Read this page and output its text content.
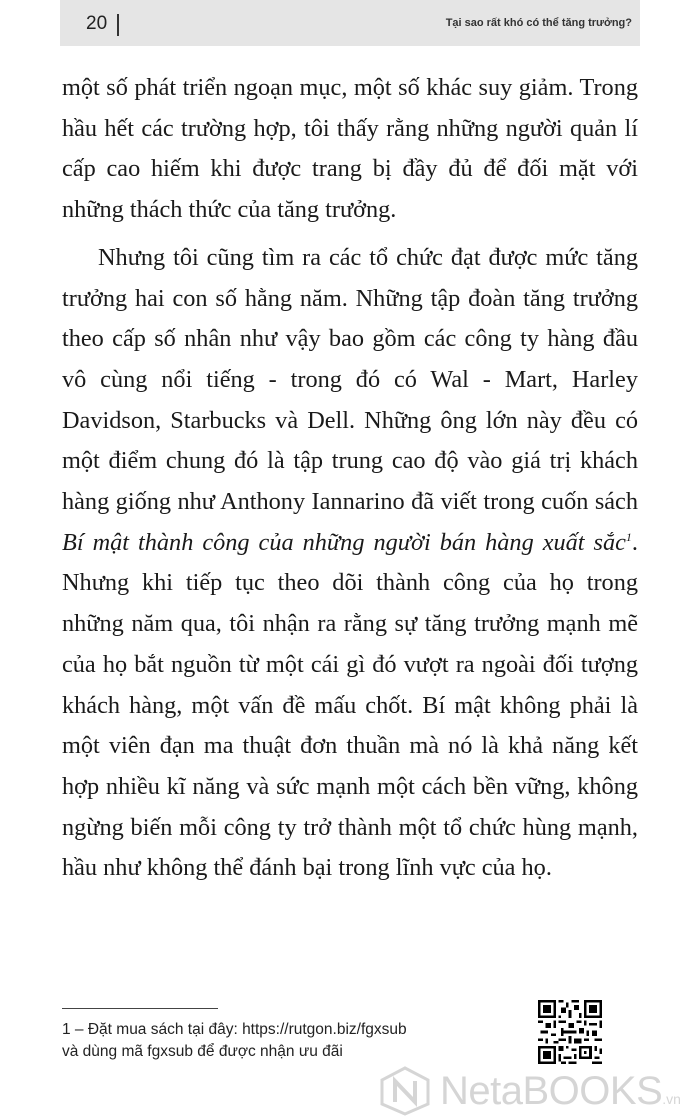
20	Tại sao rất khó có thể tăng trưởng?

một số phát triển ngoạn mục, một số khác suy giảm. Trong hầu hết các trường hợp, tôi thấy rằng những người quản lí cấp cao hiếm khi được trang bị đầy đủ để đối mặt với những thách thức của tăng trưởng.

Nhưng tôi cũng tìm ra các tổ chức đạt được mức tăng trưởng hai con số hằng năm. Những tập đoàn tăng trưởng theo cấp số nhân như vậy bao gồm các công ty hàng đầu vô cùng nổi tiếng - trong đó có Wal - Mart, Harley Davidson, Starbucks và Dell. Những ông lớn này đều có một điểm chung đó là tập trung cao độ vào giá trị khách hàng giống như Anthony Iannarino đã viết trong cuốn sách Bí mật thành công của những người bán hàng xuất sắc$^1$. Nhưng khi tiếp tục theo dõi thành công của họ trong những năm qua, tôi nhận ra rằng sự tăng trưởng mạnh mẽ của họ bắt nguồn từ một cái gì đó vượt ra ngoài đối tượng khách hàng, một vấn đề mấu chốt. Bí mật không phải là một viên đạn ma thuật đơn thuần mà nó là khả năng kết hợp nhiều kĩ năng và sức mạnh một cách bền vững, không ngừng biến mỗi công ty trở thành một tổ chức hùng mạnh, hầu như không thể đánh bại trong lĩnh vực của họ.

1 – Đặt mua sách tại đây: https://rutgon.biz/fgxsub
và dùng mã fgxsub để được nhận ưu đãi
NetaBOOKS.vn
